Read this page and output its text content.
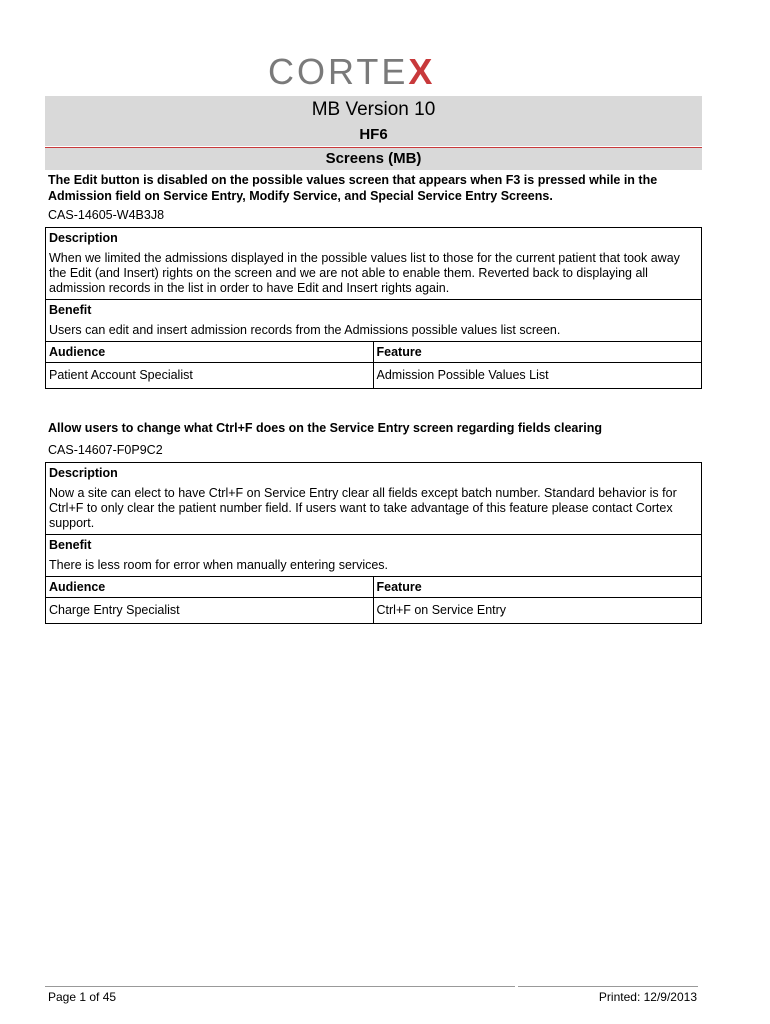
CORTEX
MB Version 10
HF6
Screens (MB)
The Edit button is disabled on the possible values screen that appears when F3 is pressed while in the Admission field on Service Entry, Modify Service, and Special Service Entry Screens.
CAS-14605-W4B3J8
Description
When we limited the admissions displayed in the possible values list to those for the current patient that took away the Edit (and Insert) rights on the screen and we are not able to enable them. Reverted back to displaying all admission records in the list in order to have Edit and Insert rights again.
Benefit
Users can edit and insert admission records from the Admissions possible values list screen.
Audience	Feature
Patient Account Specialist	Admission Possible Values List
Allow users to change what Ctrl+F does on the Service Entry screen regarding fields clearing
CAS-14607-F0P9C2
Description
Now a site can elect to have Ctrl+F on Service Entry clear all fields except batch number. Standard behavior is for Ctrl+F to only clear the patient number field. If users want to take advantage of this feature please contact Cortex support.
Benefit
There is less room for error when manually entering services.
Audience	Feature
Charge Entry Specialist	Ctrl+F on Service Entry
Page 1 of 45	Printed: 12/9/2013
